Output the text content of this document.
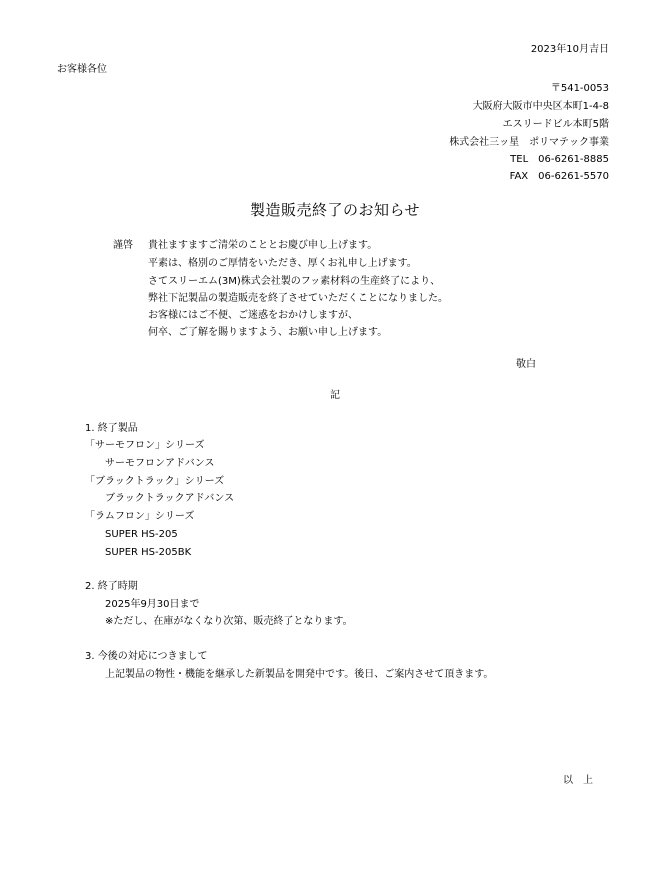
2023年10月吉日
お客様各位
〒541-0053
大阪府大阪市中央区本町1-4-8
エスリードビル本町5階
株式会社三ッ星　ポリマテック事業
TEL　06-6261-8885
FAX　06-6261-5570
製造販売終了のお知らせ
謹啓 貴社ますますご清栄のこととお慶び申し上げます。
平素は、格別のご厚情をいただき、厚くお礼申し上げます。
さてスリーエム(3M)株式会社製のフッ素材料の生産終了により、
弊社下記製品の製造販売を終了させていただくことになりました。
お客様にはご不便、ご迷惑をおかけしますが、
何卒、ご了解を賜りますよう、お願い申し上げます。
敬白
記
1. 終了製品
「サーモフロン」シリーズ
サーモフロンアドバンス
「ブラックトラック」シリーズ
ブラックトラックアドバンス
「ラムフロン」シリーズ
SUPER HS-205
SUPER HS-205BK
2. 終了時期
2025年9月30日まで
※ただし、在庫がなくなり次第、販売終了となります。
3. 今後の対応につきまして
上記製品の物性・機能を継承した新製品を開発中です。後日、ご案内させて頂きます。
以　上
